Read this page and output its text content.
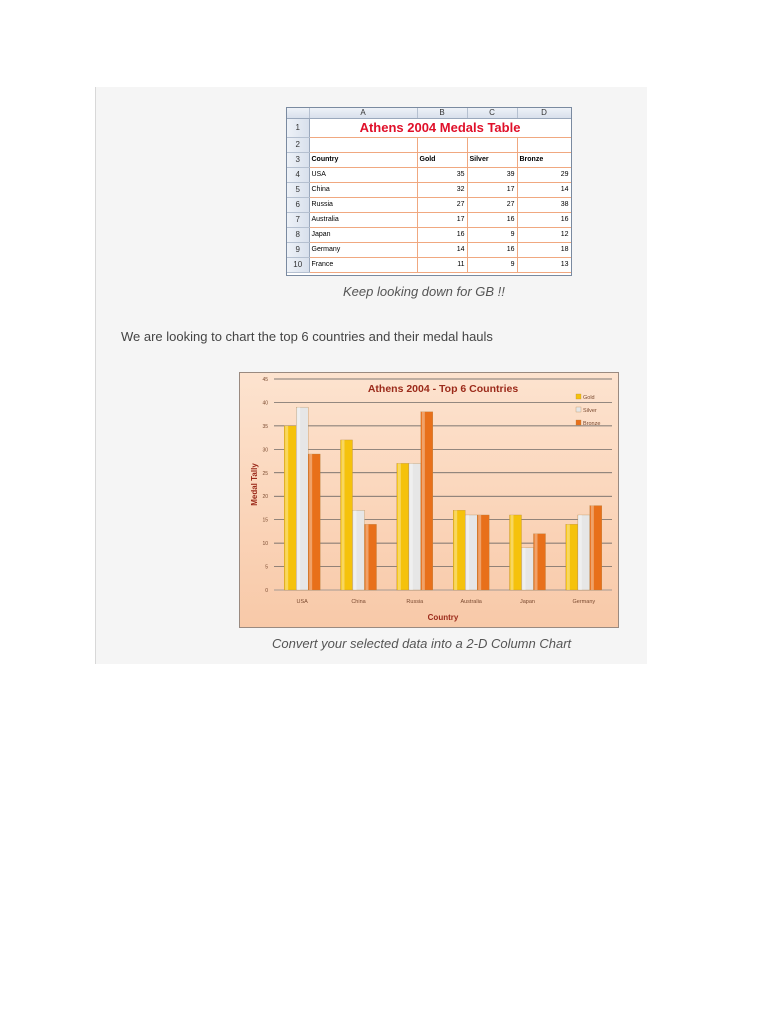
	A	B	C	D
1	Athens 2004 Medals Table			
2				
3	Country	Gold	Silver	Bronze
4	USA	35	39	29
5	China	32	17	14
6	Russia	27	27	38
7	Australia	17	16	16
8	Japan	16	9	12
9	Germany	14	16	18
10	France	11	9	13
Keep looking down for GB !!
We are looking to chart the top 6 countries and their medal hauls
0
5
10
15
20
25
30
35
40
45
USA	China	Russia	Australia	Japan	Germany
Athens 2004 - Top 6 Countries
Country
Medal Tally
Gold
Silver
Bronze
Convert your selected data into a 2-D Column Chart
